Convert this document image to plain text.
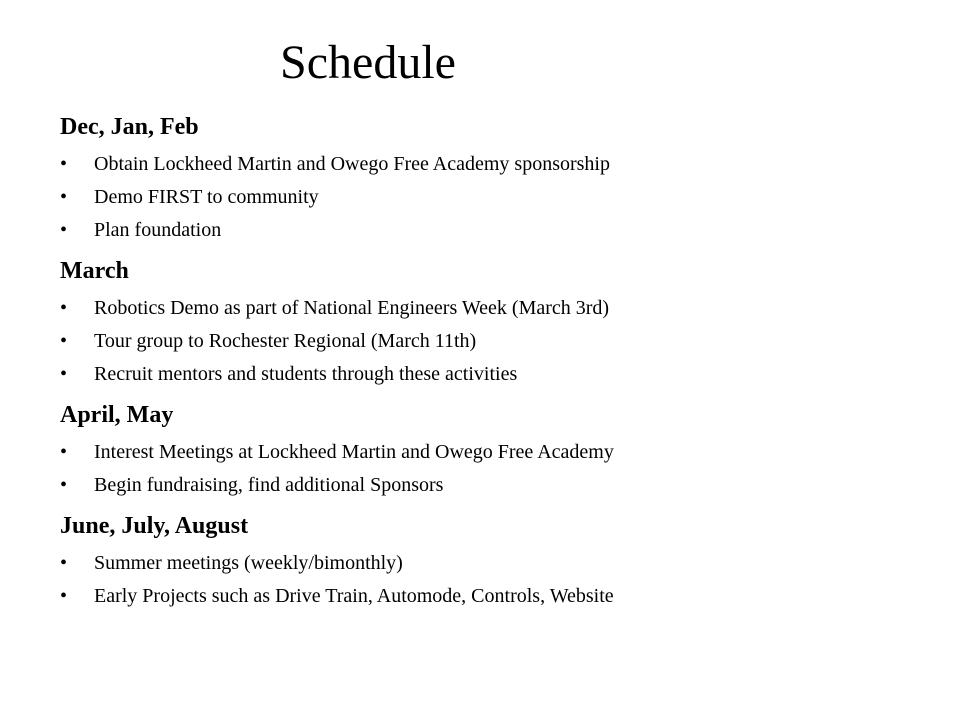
Schedule
Dec, Jan, Feb
• Obtain Lockheed Martin and Owego Free Academy sponsorship
• Demo FIRST to community
• Plan foundation
March
• Robotics Demo as part of National Engineers Week (March 3rd)
• Tour group to Rochester Regional (March 11th)
• Recruit mentors and students through these activities
April, May
• Interest Meetings at Lockheed Martin and Owego Free Academy
• Begin fundraising, find additional Sponsors
June, July, August
• Summer meetings (weekly/bimonthly)
• Early Projects such as Drive Train, Automode, Controls, Website
